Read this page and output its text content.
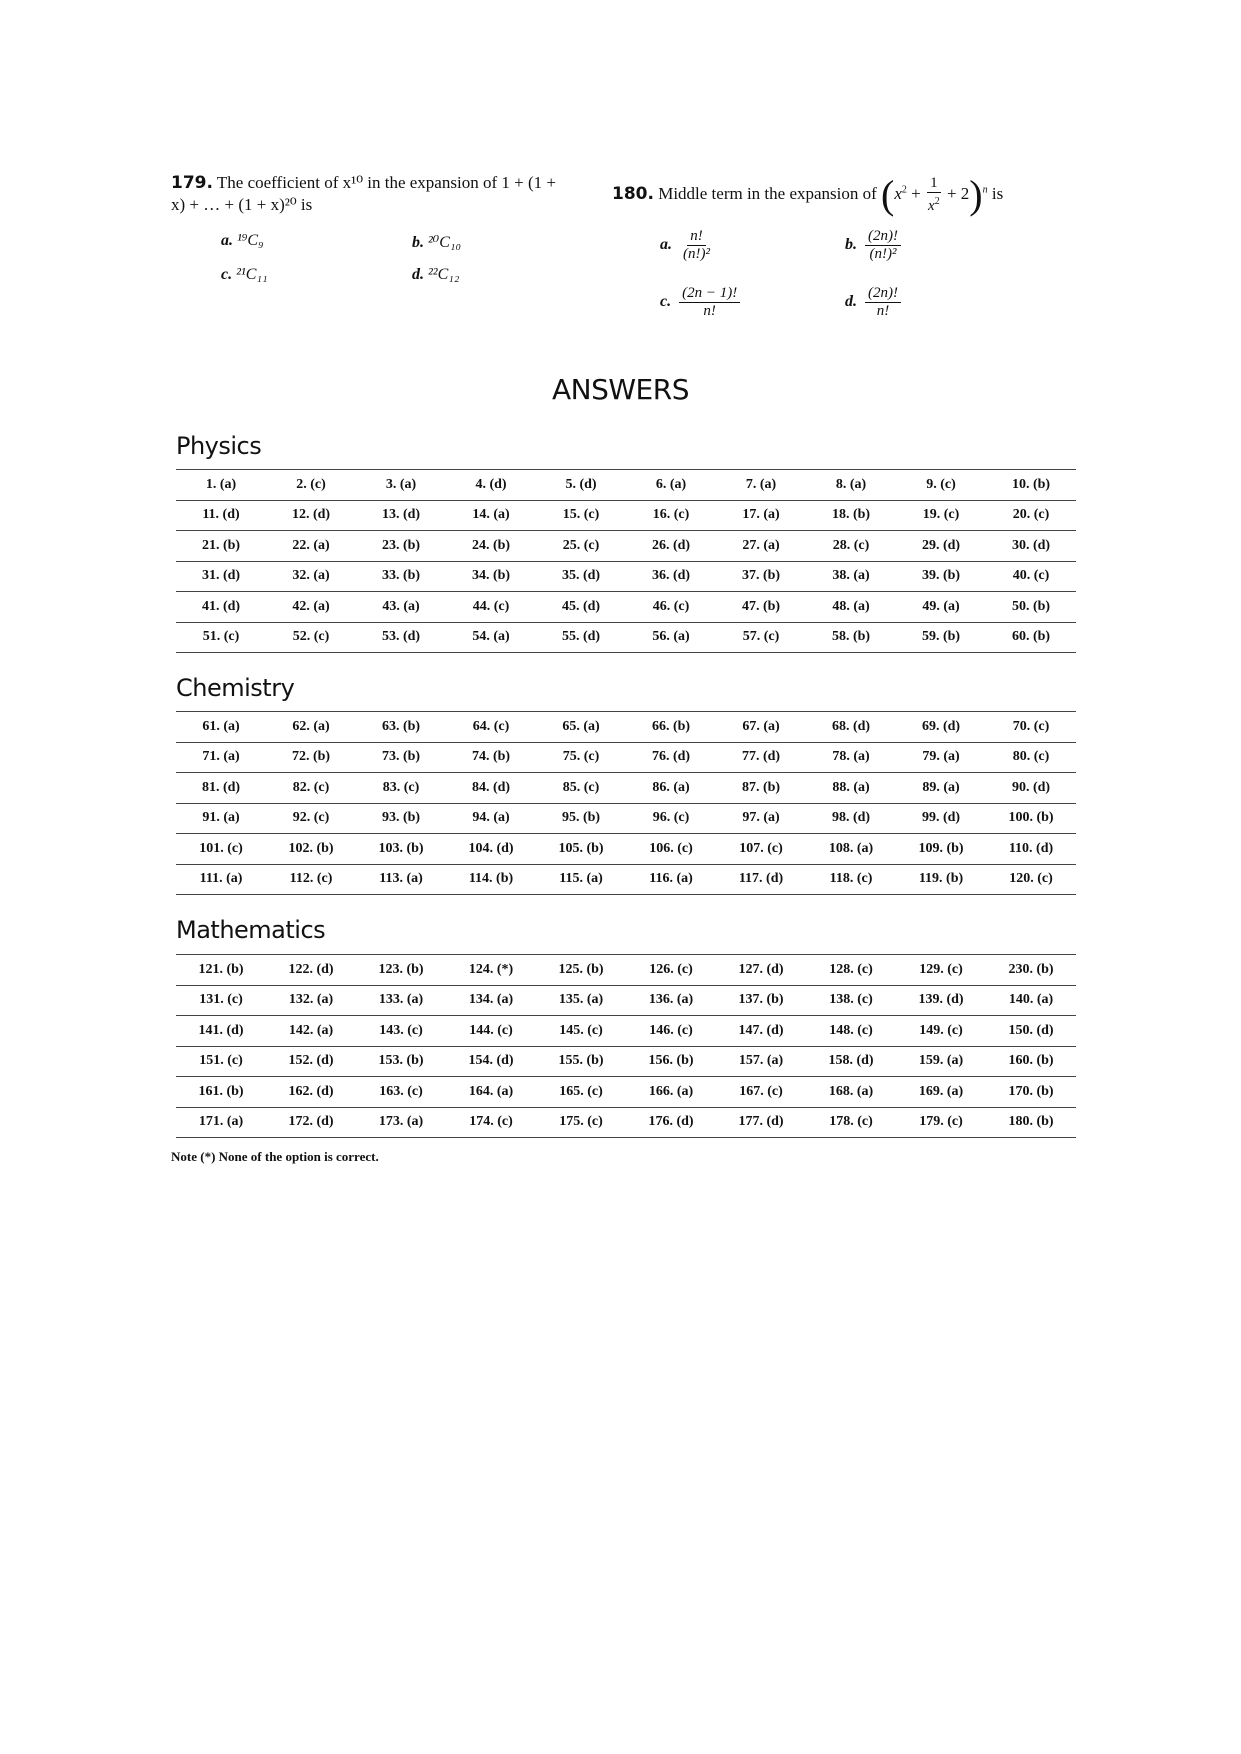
179. The coefficient of x¹⁰ in the expansion of 1 + (1 + x) + … + (1 + x)²⁰ is
a. ¹⁹C₉	b. ²⁰C₁₀
c. ²¹C₁₁	d. ²²C₁₂
180. Middle term in the expansion of $(x^2 + \frac{1}{x^2} + 2)^n$ is
a. $\frac{n!}{\text{(n!)²}}$	b. $\frac{(2n)!}{\text{(n!)²}}$
c. $\frac{(2n - 1)!}{n!}$	d. $\frac{(2n)!}{n!}$
ANSWERS
Physics
1. (a)	2. (c)	3. (a)	4. (d)	5. (d)	6. (a)	7. (a)	8. (a)	9. (c)	10. (b)
11. (d)	12. (d)	13. (d)	14. (a)	15. (c)	16. (c)	17. (a)	18. (b)	19. (c)	20. (c)
21. (b)	22. (a)	23. (b)	24. (b)	25. (c)	26. (d)	27. (a)	28. (c)	29. (d)	30. (d)
31. (d)	32. (a)	33. (b)	34. (b)	35. (d)	36. (d)	37. (b)	38. (a)	39. (b)	40. (c)
41. (d)	42. (a)	43. (a)	44. (c)	45. (d)	46. (c)	47. (b)	48. (a)	49. (a)	50. (b)
51. (c)	52. (c)	53. (d)	54. (a)	55. (d)	56. (a)	57. (c)	58. (b)	59. (b)	60. (b)
Chemistry
61. (a)	62. (a)	63. (b)	64. (c)	65. (a)	66. (b)	67. (a)	68. (d)	69. (d)	70. (c)
71. (a)	72. (b)	73. (b)	74. (b)	75. (c)	76. (d)	77. (d)	78. (a)	79. (a)	80. (c)
81. (d)	82. (c)	83. (c)	84. (d)	85. (c)	86. (a)	87. (b)	88. (a)	89. (a)	90. (d)
91. (a)	92. (c)	93. (b)	94. (a)	95. (b)	96. (c)	97. (a)	98. (d)	99. (d)	100. (b)
101. (c)	102. (b)	103. (b)	104. (d)	105. (b)	106. (c)	107. (c)	108. (a)	109. (b)	110. (d)
111. (a)	112. (c)	113. (a)	114. (b)	115. (a)	116. (a)	117. (d)	118. (c)	119. (b)	120. (c)
Mathematics
121. (b)	122. (d)	123. (b)	124. (*)	125. (b)	126. (c)	127. (d)	128. (c)	129. (c)	230. (b)
131. (c)	132. (a)	133. (a)	134. (a)	135. (a)	136. (a)	137. (b)	138. (c)	139. (d)	140. (a)
141. (d)	142. (a)	143. (c)	144. (c)	145. (c)	146. (c)	147. (d)	148. (c)	149. (c)	150. (d)
151. (c)	152. (d)	153. (b)	154. (d)	155. (b)	156. (b)	157. (a)	158. (d)	159. (a)	160. (b)
161. (b)	162. (d)	163. (c)	164. (a)	165. (c)	166. (a)	167. (c)	168. (a)	169. (a)	170. (b)
171. (a)	172. (d)	173. (a)	174. (c)	175. (c)	176. (d)	177. (d)	178. (c)	179. (c)	180. (b)
Note (*) None of the option is correct.
